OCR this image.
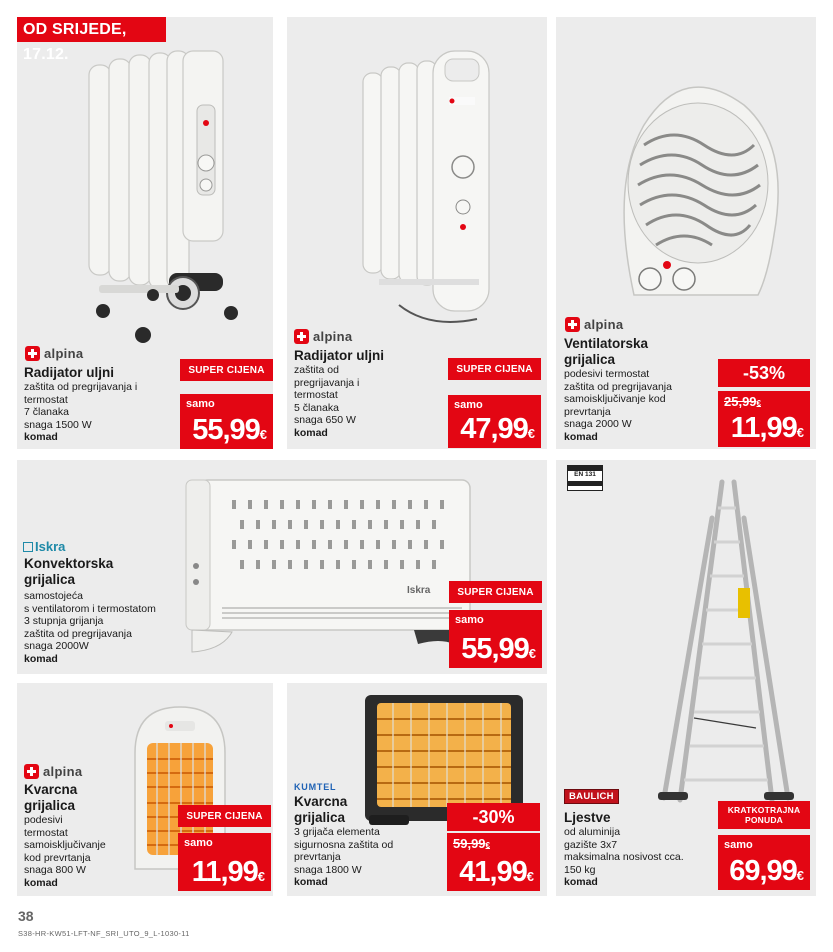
alpina
Radijator uljni
zaštita od pregrijavanja i
termostat
7 članaka
snaga 1500 W
komad
SUPER CIJENA
samo
55,99€
OD SRIJEDE, 17.12.
alpina
Radijator uljni
zaštita od
pregrijavanja i
termostat
5 članaka
snaga 650 W
komad
SUPER CIJENA
samo
47,99€
alpina
Ventilatorska
grijalica
podesivi termostat
zaštita od pregrijavanja
samoisključivanje kod
prevrtanja
snaga 2000 W
komad
-53%
25,99€
11,99€
Iskra
Iskra
Konvektorska
grijalica
samostojeća
s ventilatorom i termostatom
3 stupnja grijanja
zaštita od pregrijavanja
snaga 2000W
komad
SUPER CIJENA
samo
55,99€
EN 131
BAULICH
Ljestve
od aluminija
gazište 3x7
maksimalna nosivost cca.
150 kg
komad
KRATKOTRAJNA PONUDA
samo
69,99€
alpina
Kvarcna
grijalica
podesivi
termostat
samoisključivanje
kod prevrtanja
snaga 800 W
komad
SUPER CIJENA
samo
11,99€
KUMTEL
Kvarcna
grijalica
3 grijača elementa
sigurnosna zaštita od
prevrtanja
snaga 1800 W
komad
-30%
59,99€
41,99€
38
S38-HR-KW51-LFT-NF_SRI_UTO_9_L-1030-11
